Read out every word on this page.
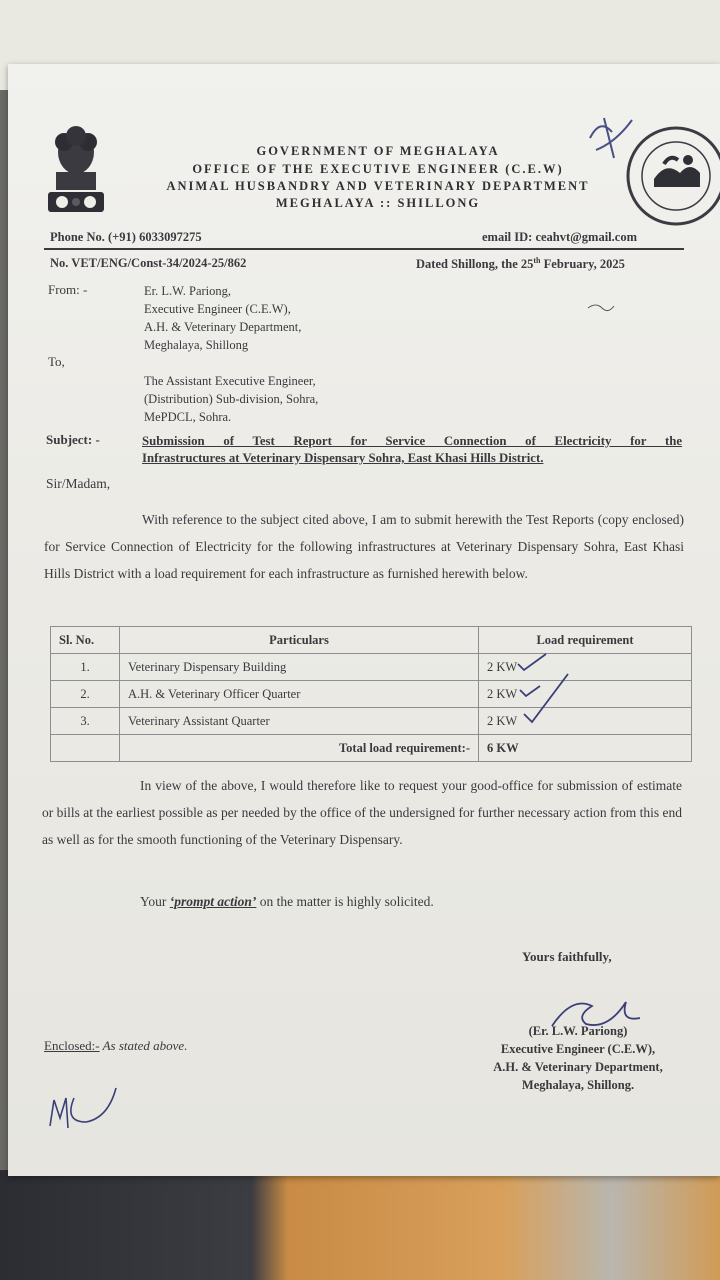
GOVERNMENT OF MEGHALAYA
OFFICE OF THE EXECUTIVE ENGINEER (C.E.W)
ANIMAL HUSBANDRY AND VETERINARY DEPARTMENT
MEGHALAYA :: SHILLONG
Phone No. (+91) 6033097275	email ID: ceahvt@gmail.com
No. VET/ENG/Const-34/2024-25/862	Dated Shillong, the 25th February, 2025
From: -	Er. L.W. Pariong,
Executive Engineer (C.E.W),
A.H. & Veterinary Department,
Meghalaya, Shillong
To,
The Assistant Executive Engineer,
(Distribution) Sub-division, Sohra,
MePDCL, Sohra.
Subject: -	Submission of Test Report for Service Connection of Electricity for the
Infrastructures at Veterinary Dispensary Sohra, East Khasi Hills District.
Sir/Madam,
With reference to the subject cited above, I am to submit herewith the Test Reports (copy enclosed) for Service Connection of Electricity for the following infrastructures at Veterinary Dispensary Sohra, East Khasi Hills District with a load requirement for each infrastructure as furnished herewith below.
Sl. No.	Particulars	Load requirement
1.	Veterinary Dispensary Building	2 KW
2.	A.H. & Veterinary Officer Quarter	2 KW
3.	Veterinary Assistant Quarter	2 KW
	Total load requirement:-	6 KW
In view of the above, I would therefore like to request your good-office for submission of estimate or bills at the earliest possible as per needed by the office of the undersigned for further necessary action from this end as well as for the smooth functioning of the Veterinary Dispensary.
Your ‘prompt action’ on the matter is highly solicited.
Yours faithfully,
(Er. L.W. Pariong)
Executive Engineer (C.E.W),
A.H. & Veterinary Department,
Meghalaya, Shillong.
Enclosed:- As stated above.
